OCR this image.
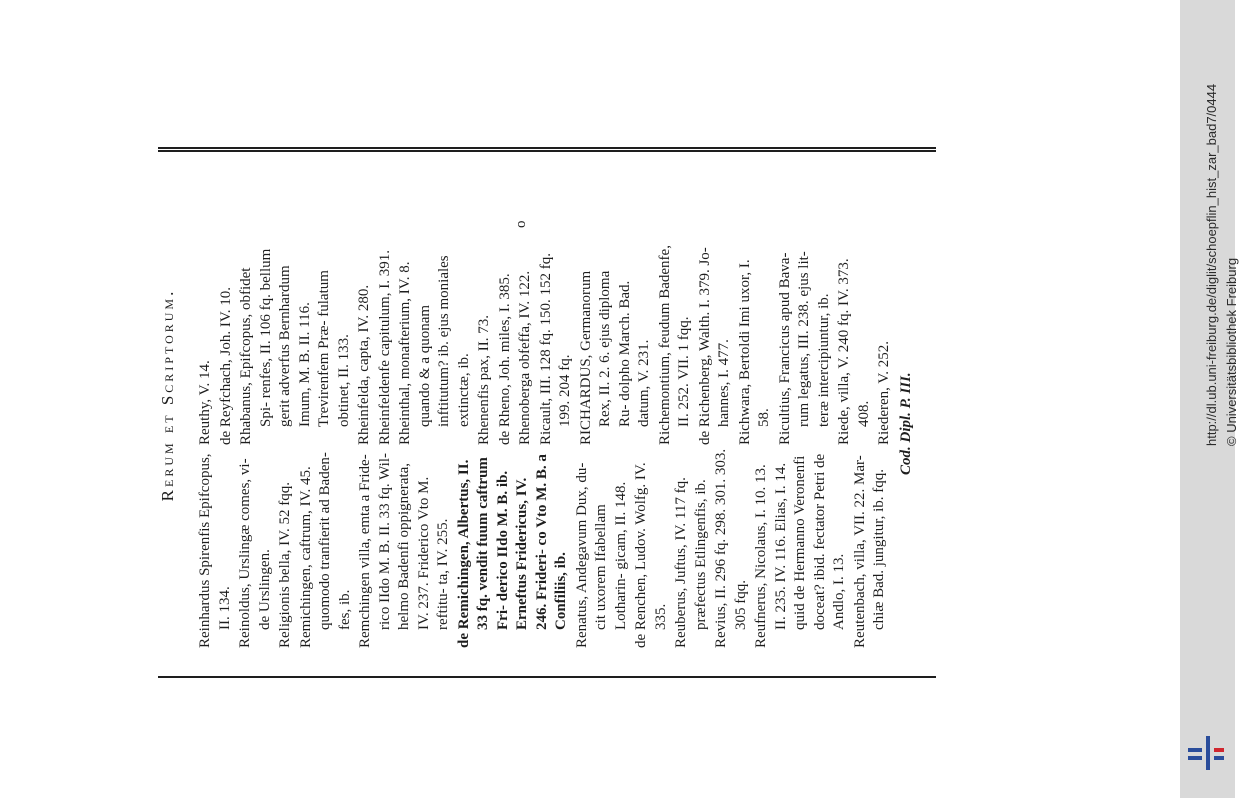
Rerum et Scriptorum.
Reinhardus Spirenfis Epifcopus, II. 134. Reinoldus, Urslingæ comes, vi- de Urslingen. Religionis bella, IV. 52 fqq. Remichingen, caftrum, IV. 45. quomodo tranfierit ad Baden- fes, ib. Remchingen villa, emta a Fride- rico IIdo M. B. II. 33 fq. Wil- helmo Badenfi oppignerata, IV. 237. Friderico Vto M. reftitu- ta, IV. 255. de Remichingen, Albertus, II. 33 fq. vendit fuum caftrum Fri- derico IIdo M. B. ib. Erneftus Fridericus, IV. 246. Frideri- co Vto M. B. a Confiliis, ib. Renatus, Andegavum Dux, du- cit uxorem Ifabellam Lotharin- gicam, II. 148. de Renchen, Ludov. Wolfg. IV. 335. Reuberus, Juftus, IV. 117 fq. præfectus Etlingenfis, ib. Revius, II. 296 fq. 298. 301. 303. 305 fqq. Reufnerus, Nicolaus, I. 10. 13. II. 235. IV. 116. Elias, I. 14. quid de Hermanno Veronenfi doceat? ibid. fectator Petri de Andlo, I. 13. Reutenbach, villa, VII. 22. Mar- chiæ Bad. jungitur, ib. fqq.
Reuthy, V. 14. de Reyfchach, Joh. IV. 10. Rhabanus, Epifcopus, obfidet Spi- renfes, II. 106 fq. bellum gerit adverfus Bernhardum Imum, M. B. II. 116. Trevirenfem Præ- fulatum obtinet, II. 133. Rheinfelda, capta, IV. 280. Rheinfeldenfe capitulum, I. 391. Rheinthal, monafterium, IV. 8. quando & a quonam inftitutum? ib. ejus moniales extinctæ, ib. Rhenenfis pax, II. 73. de Rheno, Joh. miles, I. 385. Rhenoberga obfeffa, IV. 122. Ricault, III. 128 fq. 150. 152 fq. 199. 204 fq. RICHARDUS, Germanorum Rex, II. 2. 6. ejus diploma Ru- dolpho March. Bad. datum, V. 231. Richemontium, feudum Badenfe, II. 252. VII. 1 fqq. de Richenberg, Walth. I. 379. Jo- hannes, I. 477. Richwara, Bertoldi Imi uxor, I. 58. Ricultius, Francicus apud Bava- rum legatus, III. 238. ejus lit- teræ intercipiuntur, ib. Riede, villa, V. 240 fq. IV. 373. 408. Riederen, V. 252.
o
Cod. Dipl. P. III.	http://dl.ub.uni-freiburg.de/diglit/schoepflin_hist_zar_bad7/0444 © Universitätsbibliothek Freiburg
